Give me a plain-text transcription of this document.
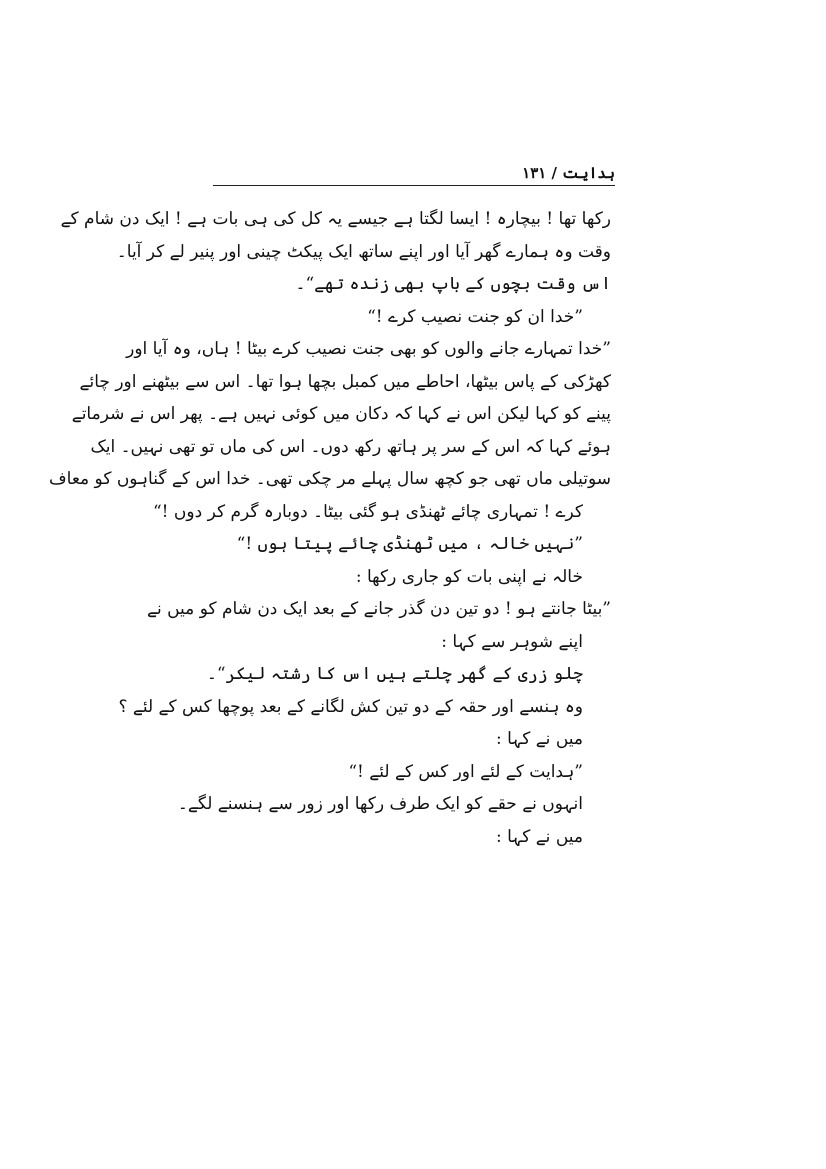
ہدایت / ۱۳۱
رکھا تھا ! بیچارہ ! ایسا لگتا ہے جیسے یہ کل کی ہی بات ہے ! ایک دن شام کے
وقت وہ ہمارے گھر آیا اور اپنے ساتھ ایک پیکٹ چینی اور پنیر لے کر آیا۔
اس وقت بچوں کے باپ بھی زندہ تھے“۔
”خدا ان کو جنت نصیب کرے !“
”خدا تمہارے جانے والوں کو بھی جنت نصیب کرے بیٹا ! ہاں، وہ آیا اور
کھڑکی کے پاس بیٹھا، احاطے میں کمبل بچھا ہوا تھا۔ اس سے بیٹھنے اور چائے
پینے کو کہا لیکن اس نے کہا کہ دکان میں کوئی نہیں ہے۔ پھر اس نے شرماتے
ہوئے کہا کہ اس کے سر پر ہاتھ رکھ دوں۔ اس کی ماں تو تھی نہیں۔ ایک
سوتیلی ماں تھی جو کچھ سال پہلے مر چکی تھی۔ خدا اس کے گناہوں کو معاف
کرے ! تمہاری چائے ٹھنڈی ہو گئی بیٹا۔ دوبارہ گرم کر دوں !“
”نہیں خالہ ، میں ٹھنڈی چائے پیتا ہوں !“
خالہ نے اپنی بات کو جاری رکھا :
”بیٹا جانتے ہو ! دو تین دن گذر جانے کے بعد ایک دن شام کو میں نے
اپنے شوہر سے کہا :
چلو زری کے گھر چلتے ہیں اس کا رشتہ لیکر“۔
وہ ہنسے اور حقہ کے دو تین کش لگانے کے بعد پوچھا کس کے لئے ؟
میں نے کہا :
”ہدایت کے لئے اور کس کے لئے !“
انہوں نے حقے کو ایک طرف رکھا اور زور سے ہنسنے لگے۔
میں نے کہا :
